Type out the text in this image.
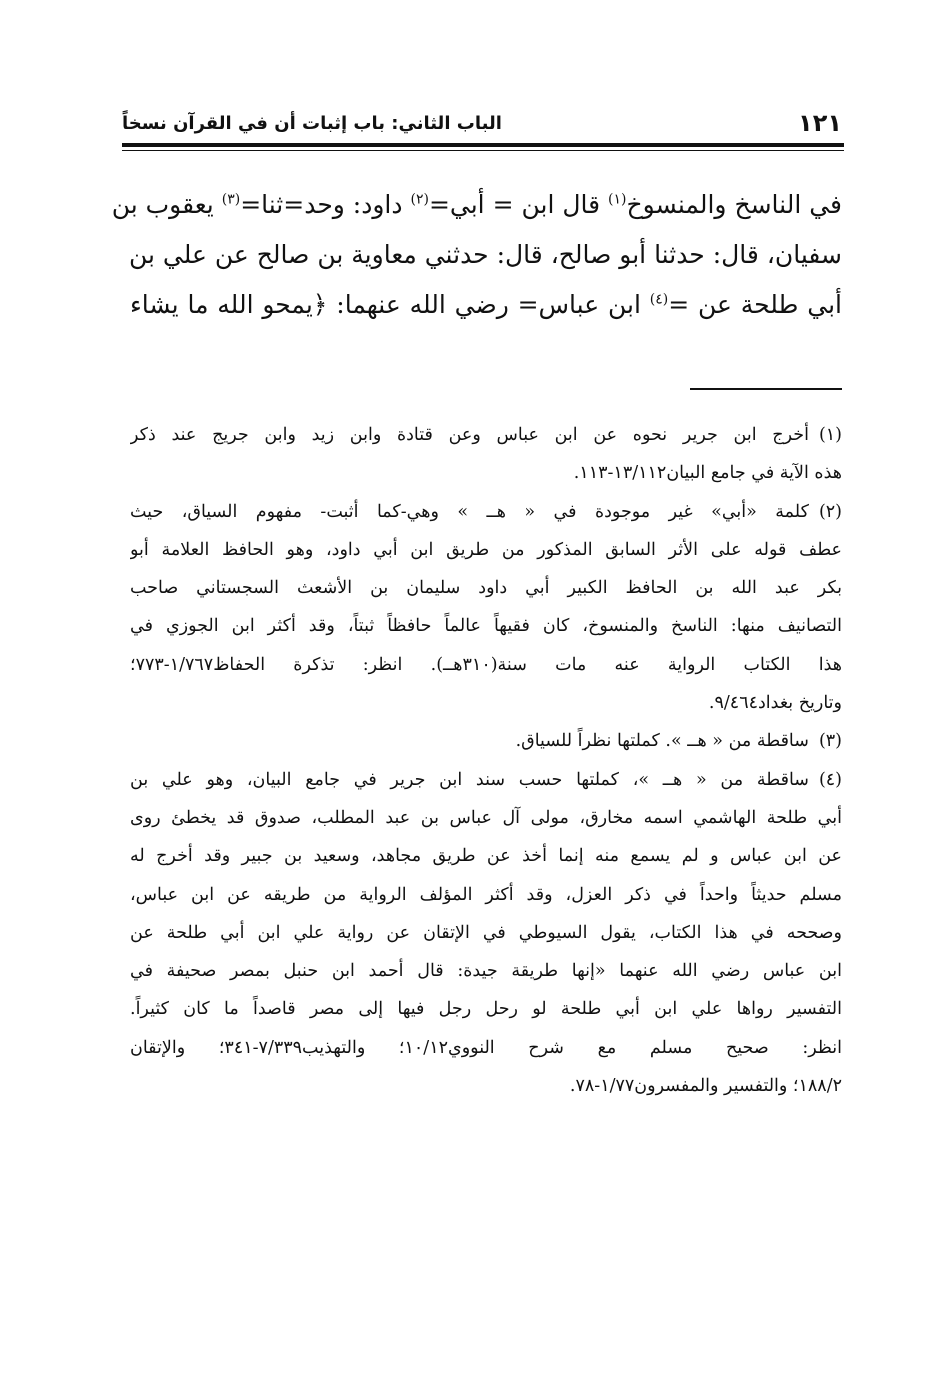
١٢١
الباب الثاني: باب إثبات أن في القرآن نسخاً
في الناسخ والمنسوخ$^{(١)}$ قال ابن = أبي=$^{(٢)}$ داود: وحد=ثنا=$^{(٣)}$ يعقوب بن
سفيان، قال: حدثنا أبو صالح، قال: حدثني معاوية بن صالح عن علي بن
أبي طلحة عن =$^{(٤)}$ ابن عباس= رضي الله عنهما: ﴿يمحو الله ما يشاء
(١)أخرج ابن جرير نحوه عن ابن عباس وعن قتادة وابن زيد وابن جريج عند ذكر
هذه الآية في جامع البيان١٣/١١٢-١١٣.
(٢)كلمة «أبي» غير موجودة في « هــ » وهي-كما أثبت- مفهوم السياق، حيث
عطف قوله على الأثر السابق المذكور من طريق ابن أبي داود، وهو الحافظ العلامة أبو
بكر عبد الله بن الحافظ الكبير أبي داود سليمان بن الأشعث السجستاني صاحب
التصانيف منها: الناسخ والمنسوخ، كان فقيهاً عالماً حافظاً ثبتاً، وقد أكثر ابن الجوزي في
هذا الكتاب الرواية عنه مات سنة(٣١٠هــ). انظر: تذكرة الحفاظ١/٧٦٧-٧٧٣؛
وتاريخ بغداد٩/٤٦٤.
(٣)ساقطة من « هــ ». كملتها نظراً للسياق.
(٤)ساقطة من « هــ »، كملتها حسب سند ابن جرير في جامع البيان، وهو علي بن
أبي طلحة الهاشمي اسمه مخارق، مولى آل عباس بن عبد المطلب، صدوق قد يخطئ روى
عن ابن عباس و لم يسمع منه إنما أخذ عن طريق مجاهد، وسعيد بن جبير وقد أخرج له
مسلم حديثاً واحداً في ذكر العزل، وقد أكثر المؤلف الرواية من طريقه عن ابن عباس،
وصححه في هذا الكتاب، يقول السيوطي في الإتقان عن رواية علي ابن أبي طلحة عن
ابن عباس رضي الله عنهما «إنها طريقة جيدة: قال أحمد ابن حنبل بمصر صحيفة في
التفسير رواها علي ابن أبي طلحة لو رحل رجل فيها إلى مصر قاصداً ما كان كثيراً.
انظر: صحيح مسلم مع شرح النووي١٠/١٢؛ والتهذيب٧/٣٣٩-٣٤١؛ والإتقان
١٨٨/٢؛ والتفسير والمفسرون١/٧٧-٧٨.
